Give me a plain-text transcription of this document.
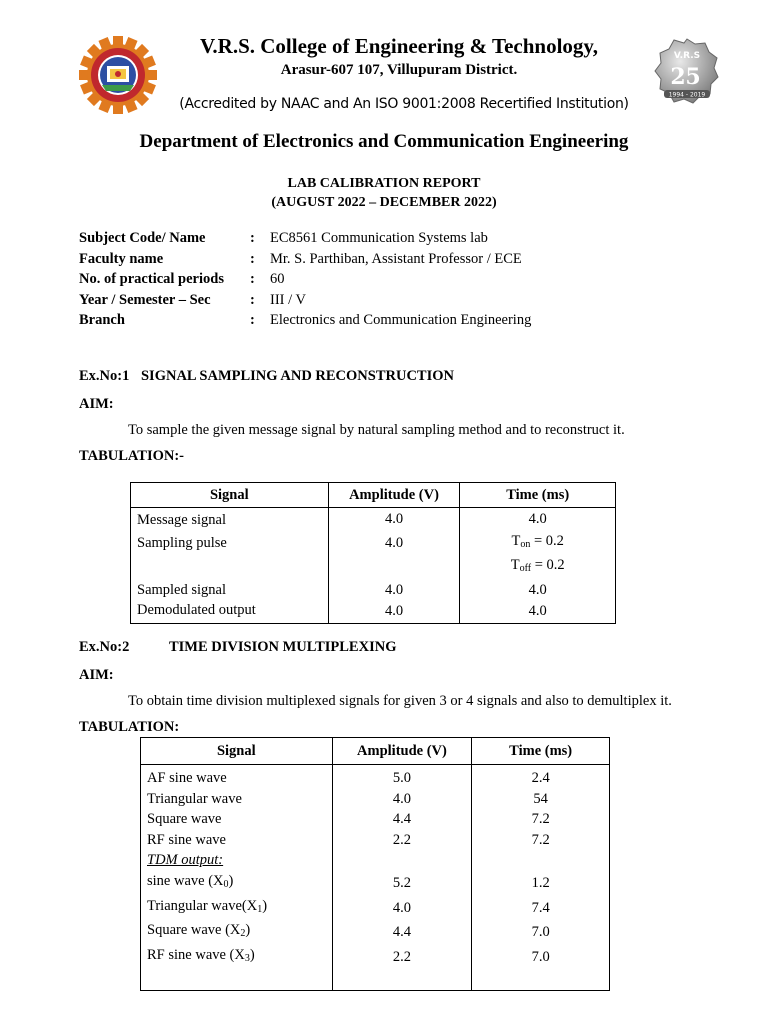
V.R.S
2 5
1994 - 2019
V.R.S. College of Engineering & Technology,
Arasur-607 107, Villupuram District.
(Accredited by NAAC and An ISO 9001:2008 Recertified Institution)
Department of Electronics and Communication Engineering
LAB CALIBRATION REPORT
(AUGUST 2022 – DECEMBER 2022)
Subject Code/ Name	: EC8561 Communication Systems lab
Faculty name	: Mr. S. Parthiban, Assistant Professor / ECE
No. of practical periods	: 60
Year / Semester – Sec	: III / V
Branch	: Electronics and Communication Engineering
Ex.No:1 SIGNAL SAMPLING AND RECONSTRUCTION
AIM:
To sample the given message signal by natural sampling method and to reconstruct it.
TABULATION:-
Signal	Amplitude (V)	Time (ms)
Message signal	4.0	4.0
Sampling pulse	4.0	$T_{on} = 0.2$
		$T_{off} = 0.2$
Sampled signal	4.0	4.0
Demodulated output	4.0	4.0
Ex.No:2	TIME DIVISION MULTIPLEXING
AIM:
To obtain time division multiplexed signals for given 3 or 4 signals and also to demultiplex it.
TABULATION:
Signal	Amplitude (V)	Time (ms)
AF sine wave	5.0	2.4
Triangular wave	4.0	54
Square wave	4.4	7.2
RF sine wave	2.2	7.2
TDM output:		
sine wave $(X_0)$	5.2	1.2
Triangular $wave(X_1)$	4.0	7.4
Square wave $(X_2)$	4.4	7.0
RF sine wave $(X_3)$	2.2	7.0
